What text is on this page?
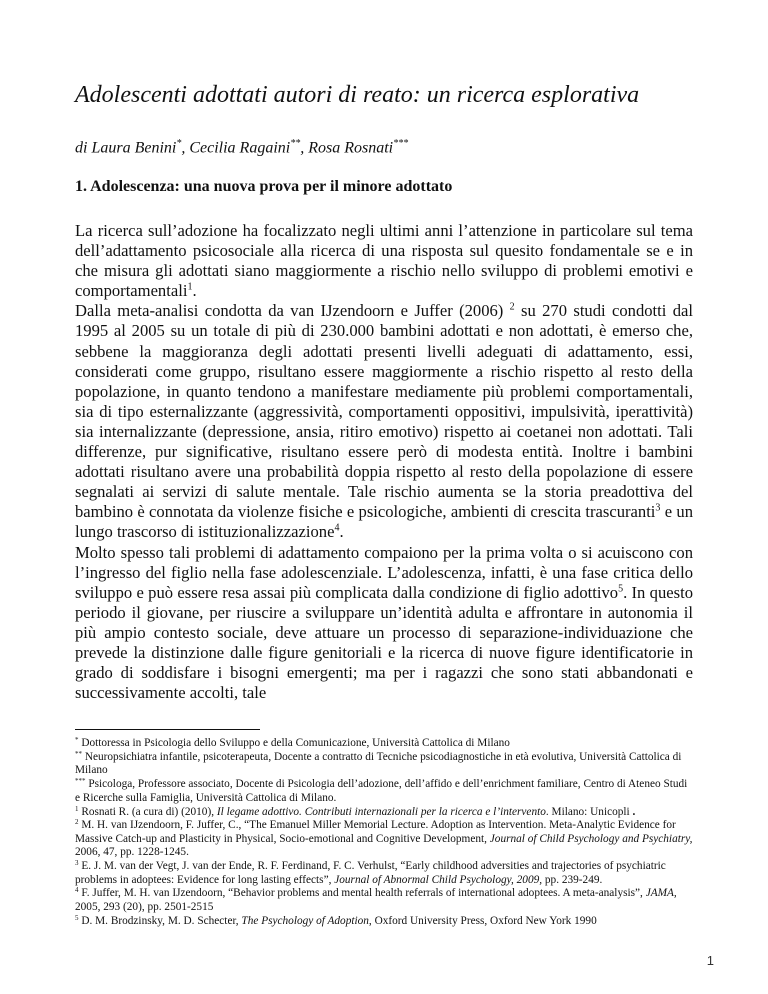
Adolescenti adottati autori di reato: un ricerca esplorativa
di Laura Benini*, Cecilia Ragaini**, Rosa Rosnati***
1. Adolescenza: una nuova prova per il minore adottato

La ricerca sull’adozione ha focalizzato negli ultimi anni l’attenzione in particolare sul tema dell’adattamento psicosociale alla ricerca di una risposta sul quesito fondamentale se e in che misura gli adottati siano maggiormente a rischio nello sviluppo di problemi emotivi e comportamentali$^1$.

Dalla meta-analisi condotta da van IJzendoorn e Juffer (2006) $^2$ su 270 studi condotti dal 1995 al 2005 su un totale di più di 230.000 bambini adottati e non adottati, è emerso che, sebbene la maggioranza degli adottati presenti livelli adeguati di adattamento, essi, considerati come gruppo, risultano essere maggiormente a rischio rispetto al resto della popolazione, in quanto tendono a manifestare mediamente più problemi comportamentali, sia di tipo esternalizzante (aggressività, comportamenti oppositivi, impulsività, iperattività) sia internalizzante (depressione, ansia, ritiro emotivo) rispetto ai coetanei non adottati. Tali differenze, pur significative, risultano essere però di modesta entità. Inoltre i bambini adottati risultano avere una probabilità doppia rispetto al resto della popolazione di essere segnalati ai servizi di salute mentale. Tale rischio aumenta se la storia preadottiva del bambino è connotata da violenze fisiche e psicologiche, ambienti di crescita trascuranti$^3$ e un lungo trascorso di istituzionalizzazione$^4$.

Molto spesso tali problemi di adattamento compaiono per la prima volta o si acuiscono con l’ingresso del figlio nella fase adolescenziale. L’adolescenza, infatti, è una fase critica dello sviluppo e può essere resa assai più complicata dalla condizione di figlio adottivo$^5$. In questo periodo il giovane, per riuscire a sviluppare un’identità adulta e affrontare in autonomia il più ampio contesto sociale, deve attuare un processo di separazione-individuazione che prevede la distinzione dalle figure genitoriali e la ricerca di nuove figure identificatorie in grado di soddisfare i bisogni emergenti; ma per i ragazzi che sono stati abbandonati e successivamente accolti, tale

* Dottoressa in Psicologia dello Sviluppo e della Comunicazione, Università Cattolica di Milano

** Neuropsichiatra infantile, psicoterapeuta, Docente a contratto di Tecniche psicodiagnostiche in età evolutiva, Università Cattolica di Milano

*** Psicologa, Professore associato, Docente di Psicologia dell’adozione, dell’affido e dell’enrichment familiare, Centro di Ateneo Studi e Ricerche sulla Famiglia, Università Cattolica di Milano.

$^1$ Rosnati R. (a cura di) (2010), Il legame adottivo. Contributi internazionali per la ricerca e l’intervento. Milano: Unicopli .

$^2$ M. H. van IJzendoorn, F. Juffer, C., “The Emanuel Miller Memorial Lecture. Adoption as Intervention. Meta-Analytic Evidence for Massive Catch-up and Plasticity in Physical, Socio-emotional and Cognitive Development, Journal of Child Psychology and Psychiatry, 2006, 47, pp. 1228-1245.

$^3$ E. J. M. van der Vegt, J. van der Ende, R. F. Ferdinand, F. C. Verhulst, “Early childhood adversities and trajectories of psychiatric problems in adoptees: Evidence for long lasting effects”, Journal of Abnormal Child Psychology, 2009, pp. 239-249.

$^4$ F. Juffer, M. H. van IJzendoorn, “Behavior problems and mental health referrals of international adoptees. A meta-analysis”, JAMA, 2005, 293 (20), pp. 2501-2515

$^5$ D. M. Brodzinsky, M. D. Schecter, The Psychology of Adoption, Oxford University Press, Oxford New York 1990

1
